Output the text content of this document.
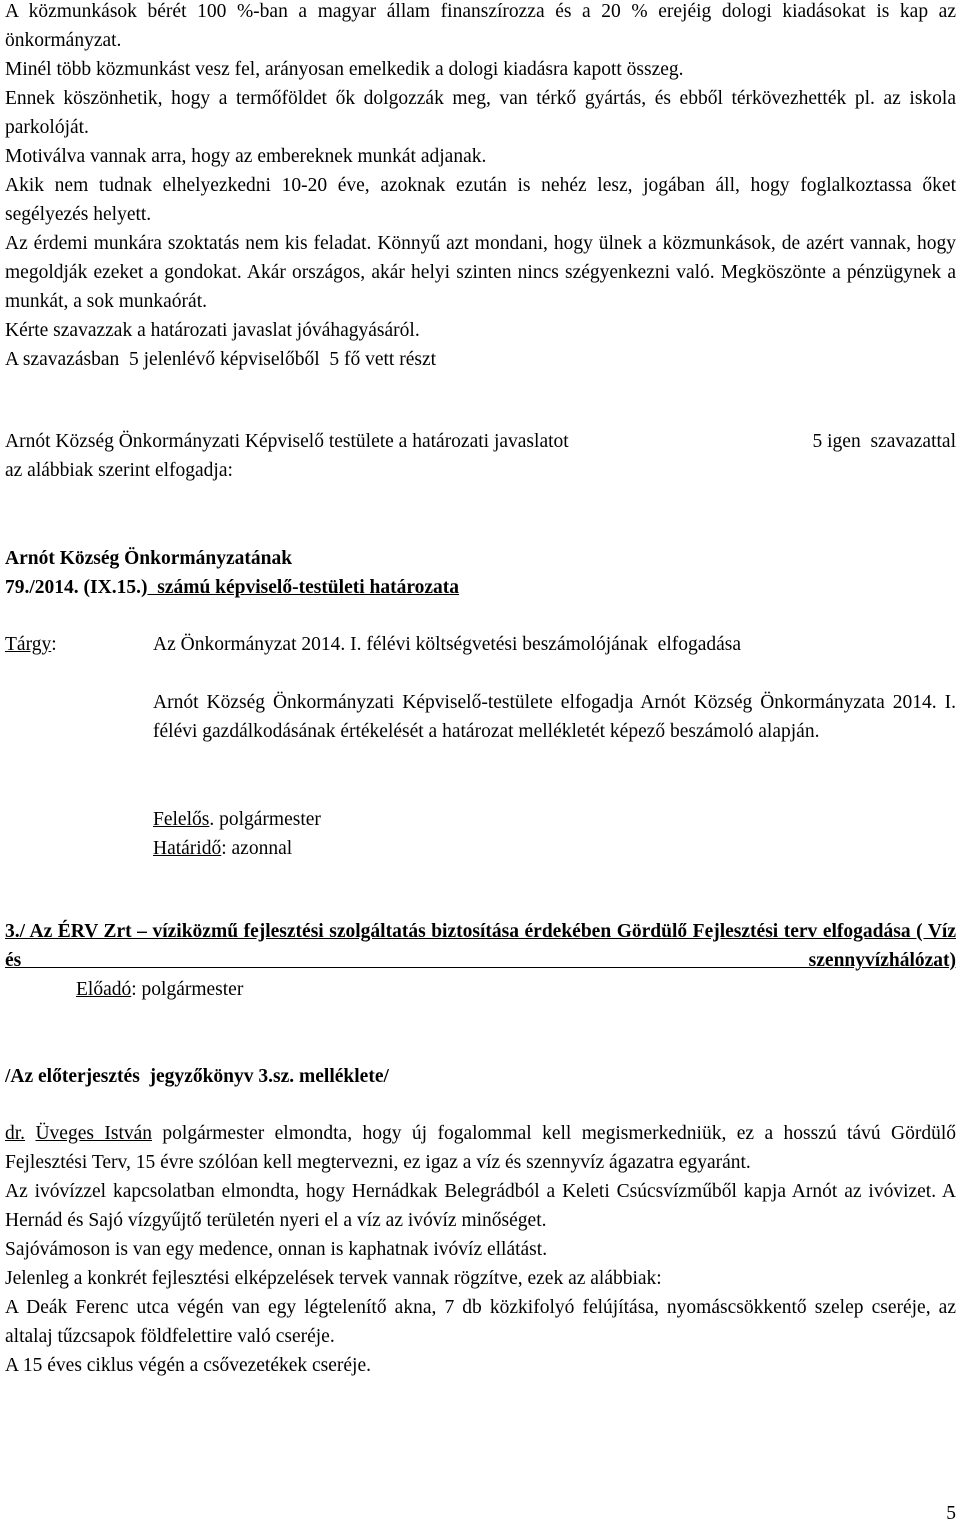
A közmunkások bérét 100 %-ban a magyar állam finanszírozza és a 20 % erejéig dologi kiadásokat is kap az önkormányzat.

Minél több közmunkást vesz fel, arányosan emelkedik a dologi kiadásra kapott összeg.

Ennek köszönhetik, hogy a termőföldet ők dolgozzák meg, van térkő gyártás, és ebből térkövezhették pl. az iskola parkolóját.

Motiválva vannak arra, hogy az embereknek munkát adjanak.

Akik nem tudnak elhelyezkedni 10-20 éve, azoknak ezután is nehéz lesz, jogában áll, hogy foglalkoztassa őket segélyezés helyett.

Az érdemi munkára szoktatás nem kis feladat. Könnyű azt mondani, hogy ülnek a közmunkások, de azért vannak, hogy megoldják ezeket a gondokat. Akár országos, akár helyi szinten nincs szégyenkezni való. Megköszönte a pénzügynek a munkát, a sok munkaórát.

Kérte szavazzak a határozati javaslat jóváhagyásáról.

A szavazásban  5 jelenlévő képviselőből  5 fő vett részt

Arnót Község Önkormányzati Képviselő testülete a határozati javaslatot	5 igen  szavazattal

az alábbiak szerint elfogadja:

Arnót Község Önkormányzatának

79./2014. (IX.15.)  számú képviselő-testületi határozata

Tárgy:	Az Önkormányzat 2014. I. félévi költségvetési beszámolójának  elfogadása

Arnót Község Önkormányzati Képviselő-testülete elfogadja Arnót Község Önkormányzata 2014. I. félévi gazdálkodásának értékelését a határozat mellékletét képező beszámoló alapján.

Felelős. polgármester

Határidő: azonnal

3./ Az ÉRV Zrt – víziközmű fejlesztési szolgáltatás biztosítása érdekében Gördülő Fejlesztési terv elfogadása ( Víz és szennyvízhálózat)

Előadó: polgármester

/Az előterjesztés  jegyzőkönyv 3.sz. melléklete/

dr. Üveges István polgármester elmondta, hogy új fogalommal kell megismerkedniük, ez a hosszú távú Gördülő Fejlesztési Terv, 15 évre szólóan kell megtervezni, ez igaz a víz és szennyvíz ágazatra egyaránt.

Az ivóvízzel kapcsolatban elmondta, hogy Hernádkak Belegrádból a Keleti Csúcsvízműből kapja Arnót az ivóvizet. A Hernád és Sajó vízgyűjtő területén nyeri el a víz az ivóvíz minőséget.

Sajóvámoson is van egy medence, onnan is kaphatnak ivóvíz ellátást.

Jelenleg a konkrét fejlesztési elképzelések tervek vannak rögzítve, ezek az alábbiak:

A Deák Ferenc utca végén van egy légtelenítő akna, 7 db közkifolyó felújítása, nyomáscsökkentő szelep cseréje, az altalaj tűzcsapok földfelettire való cseréje.

A 15 éves ciklus végén a csővezetékek cseréje.

5
